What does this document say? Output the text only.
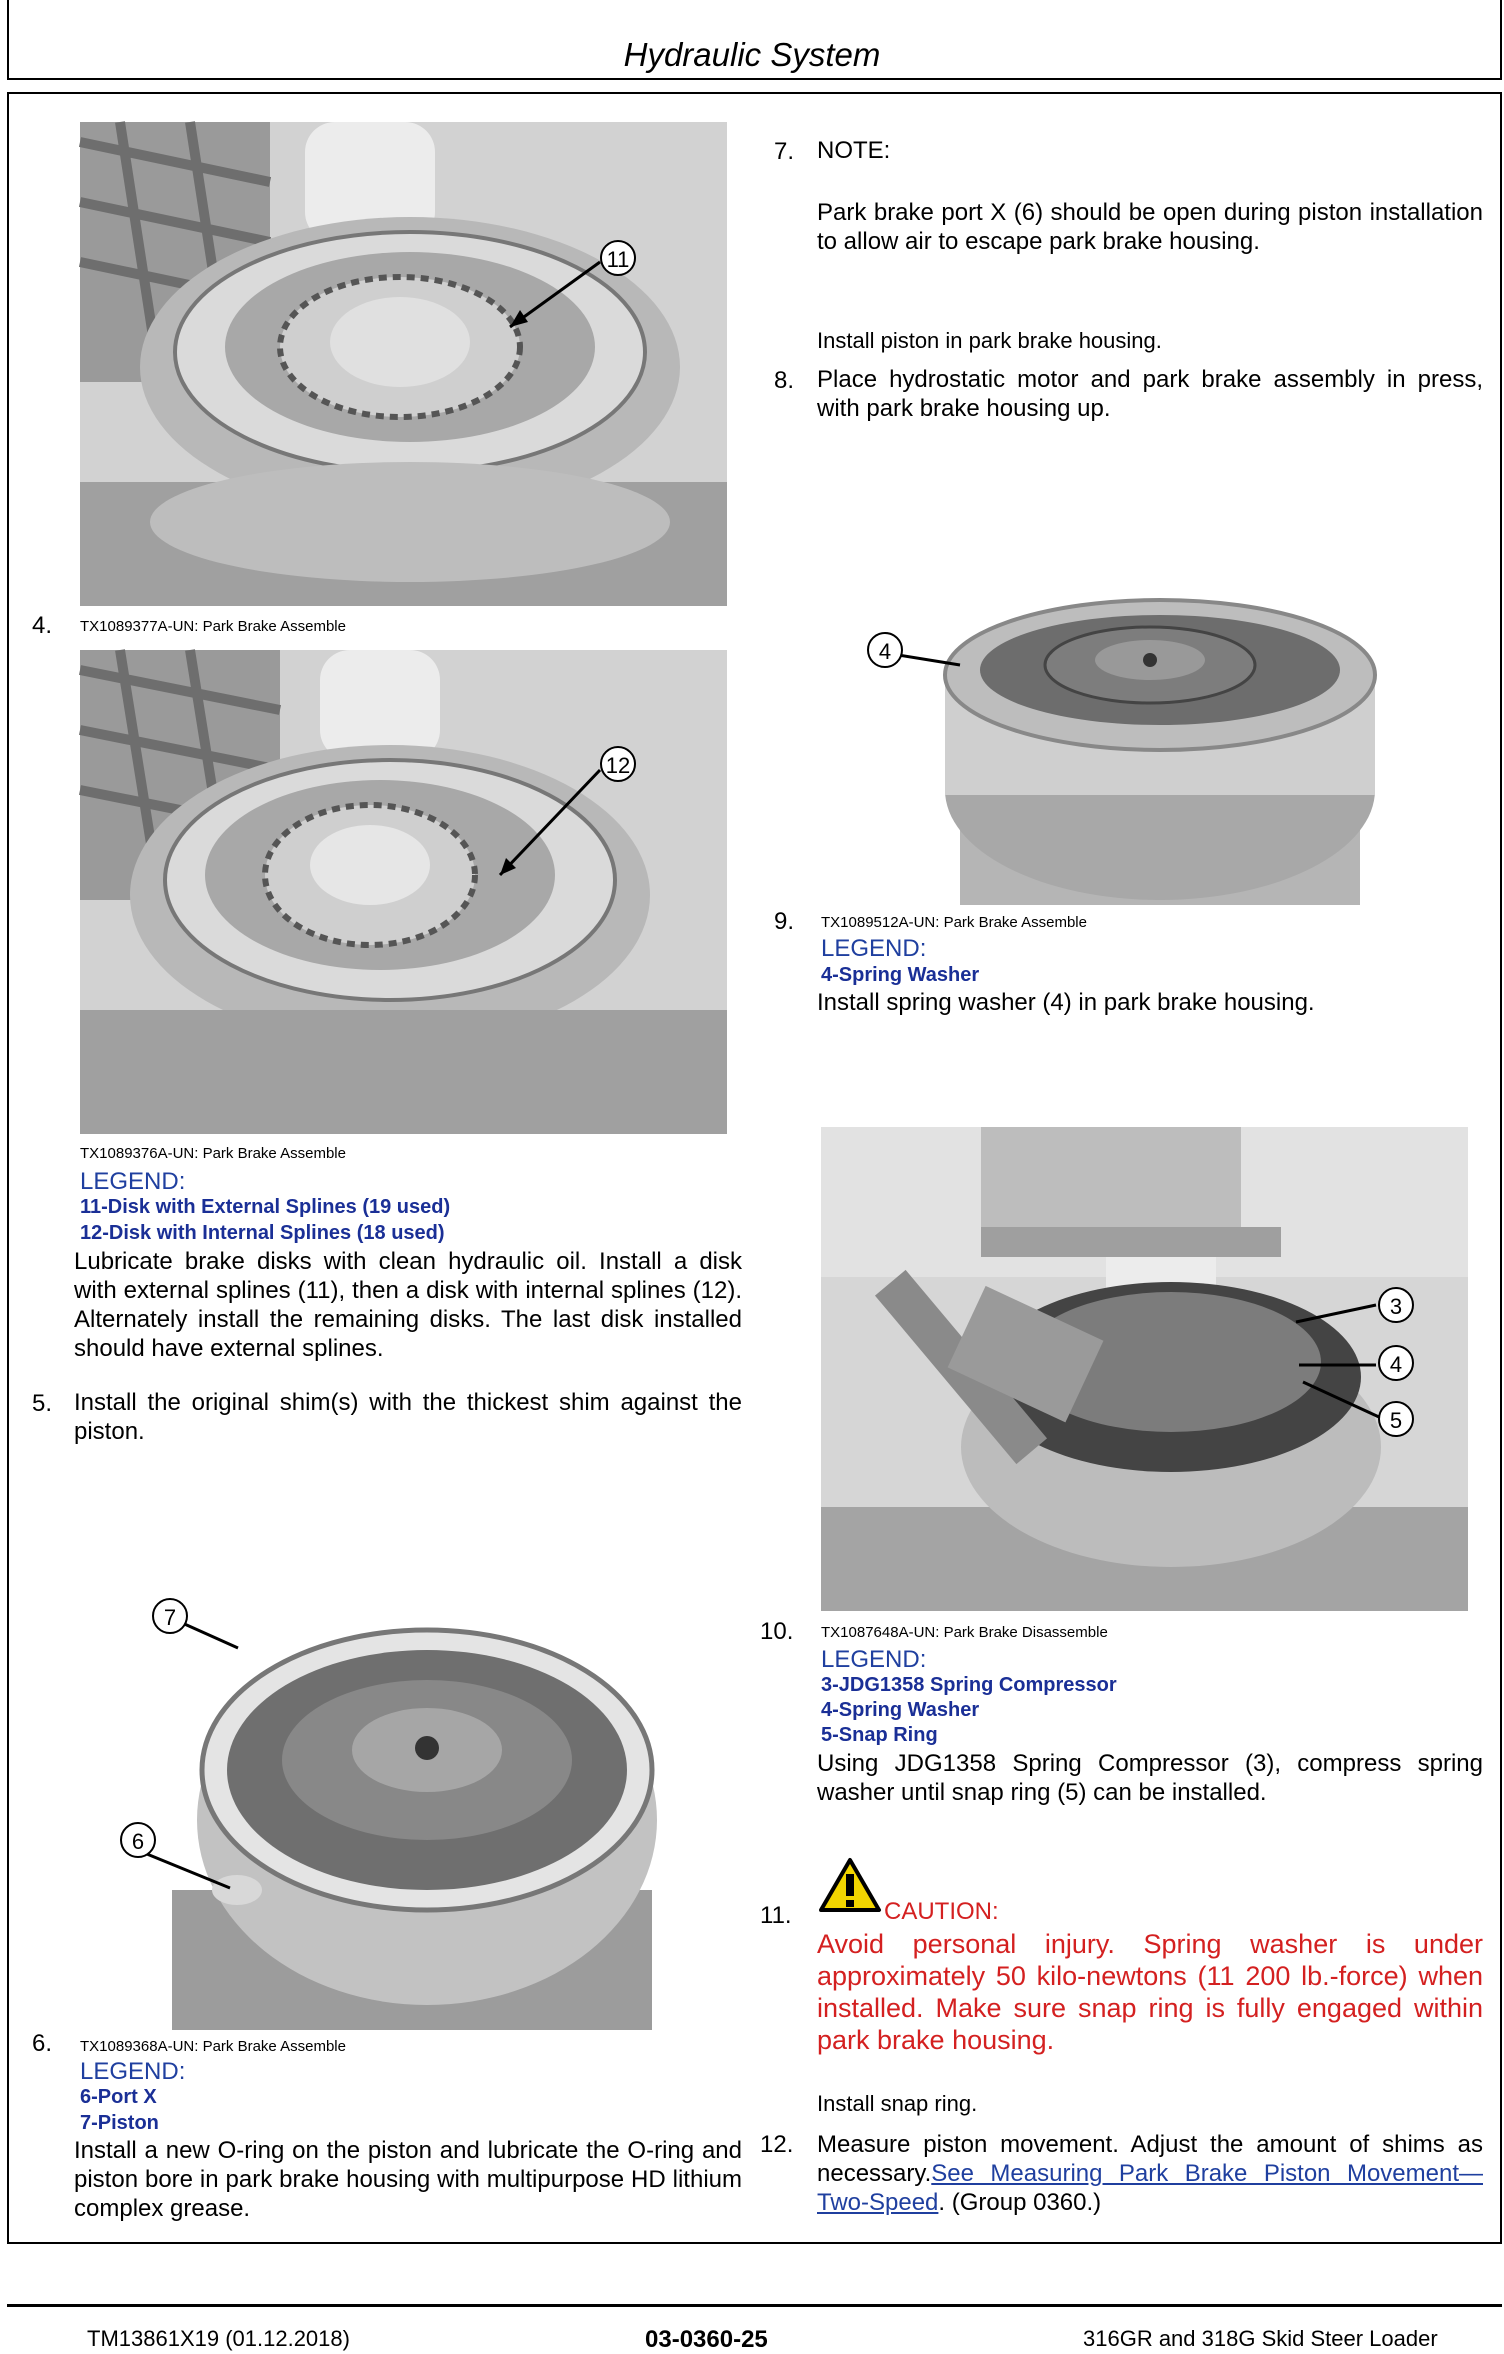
Hydraulic System
11
4. TX1089377A-UN: Park Brake Assemble
12
TX1089376A-UN: Park Brake Assemble
LEGEND:
11-Disk with External Splines (19 used)
12-Disk with Internal Splines (18 used)
Lubricate brake disks with clean hydraulic oil. Install a disk with external splines (11), then a disk with internal splines (12). Alternately install the remaining disks. The last disk installed should have external splines.
5. Install the original shim(s) with the thickest shim against the piston.
7
6
6. TX1089368A-UN: Park Brake Assemble
LEGEND:
6-Port X
7-Piston
Install a new O-ring on the piston and lubricate the O-ring and piston bore in park brake housing with multipurpose HD lithium complex grease.
7. NOTE:
Park brake port X (6) should be open during piston installation to allow air to escape park brake housing.
Install piston in park brake housing.
8. Place hydrostatic motor and park brake assembly in press, with park brake housing up.
4
9. TX1089512A-UN: Park Brake Assemble
LEGEND:
4-Spring Washer
Install spring washer (4) in park brake housing.
3
4
5
10. TX1087648A-UN: Park Brake Disassemble
LEGEND:
3-JDG1358 Spring Compressor
4-Spring Washer
5-Snap Ring
Using JDG1358 Spring Compressor (3), compress spring washer until snap ring (5) can be installed.
11.	CAUTION:
Avoid personal injury. Spring washer is under approximately 50 kilo-newtons (11 200 lb.-force) when installed. Make sure snap ring is fully engaged within park brake housing.
Install snap ring.
12. Measure piston movement. Adjust the amount of shims as necessary.See Measuring Park Brake Piston Movement—Two-Speed. (Group 0360.)
TM13861X19 (01.12.2018)	03-0360-25	316GR and 318G Skid Steer Loader
